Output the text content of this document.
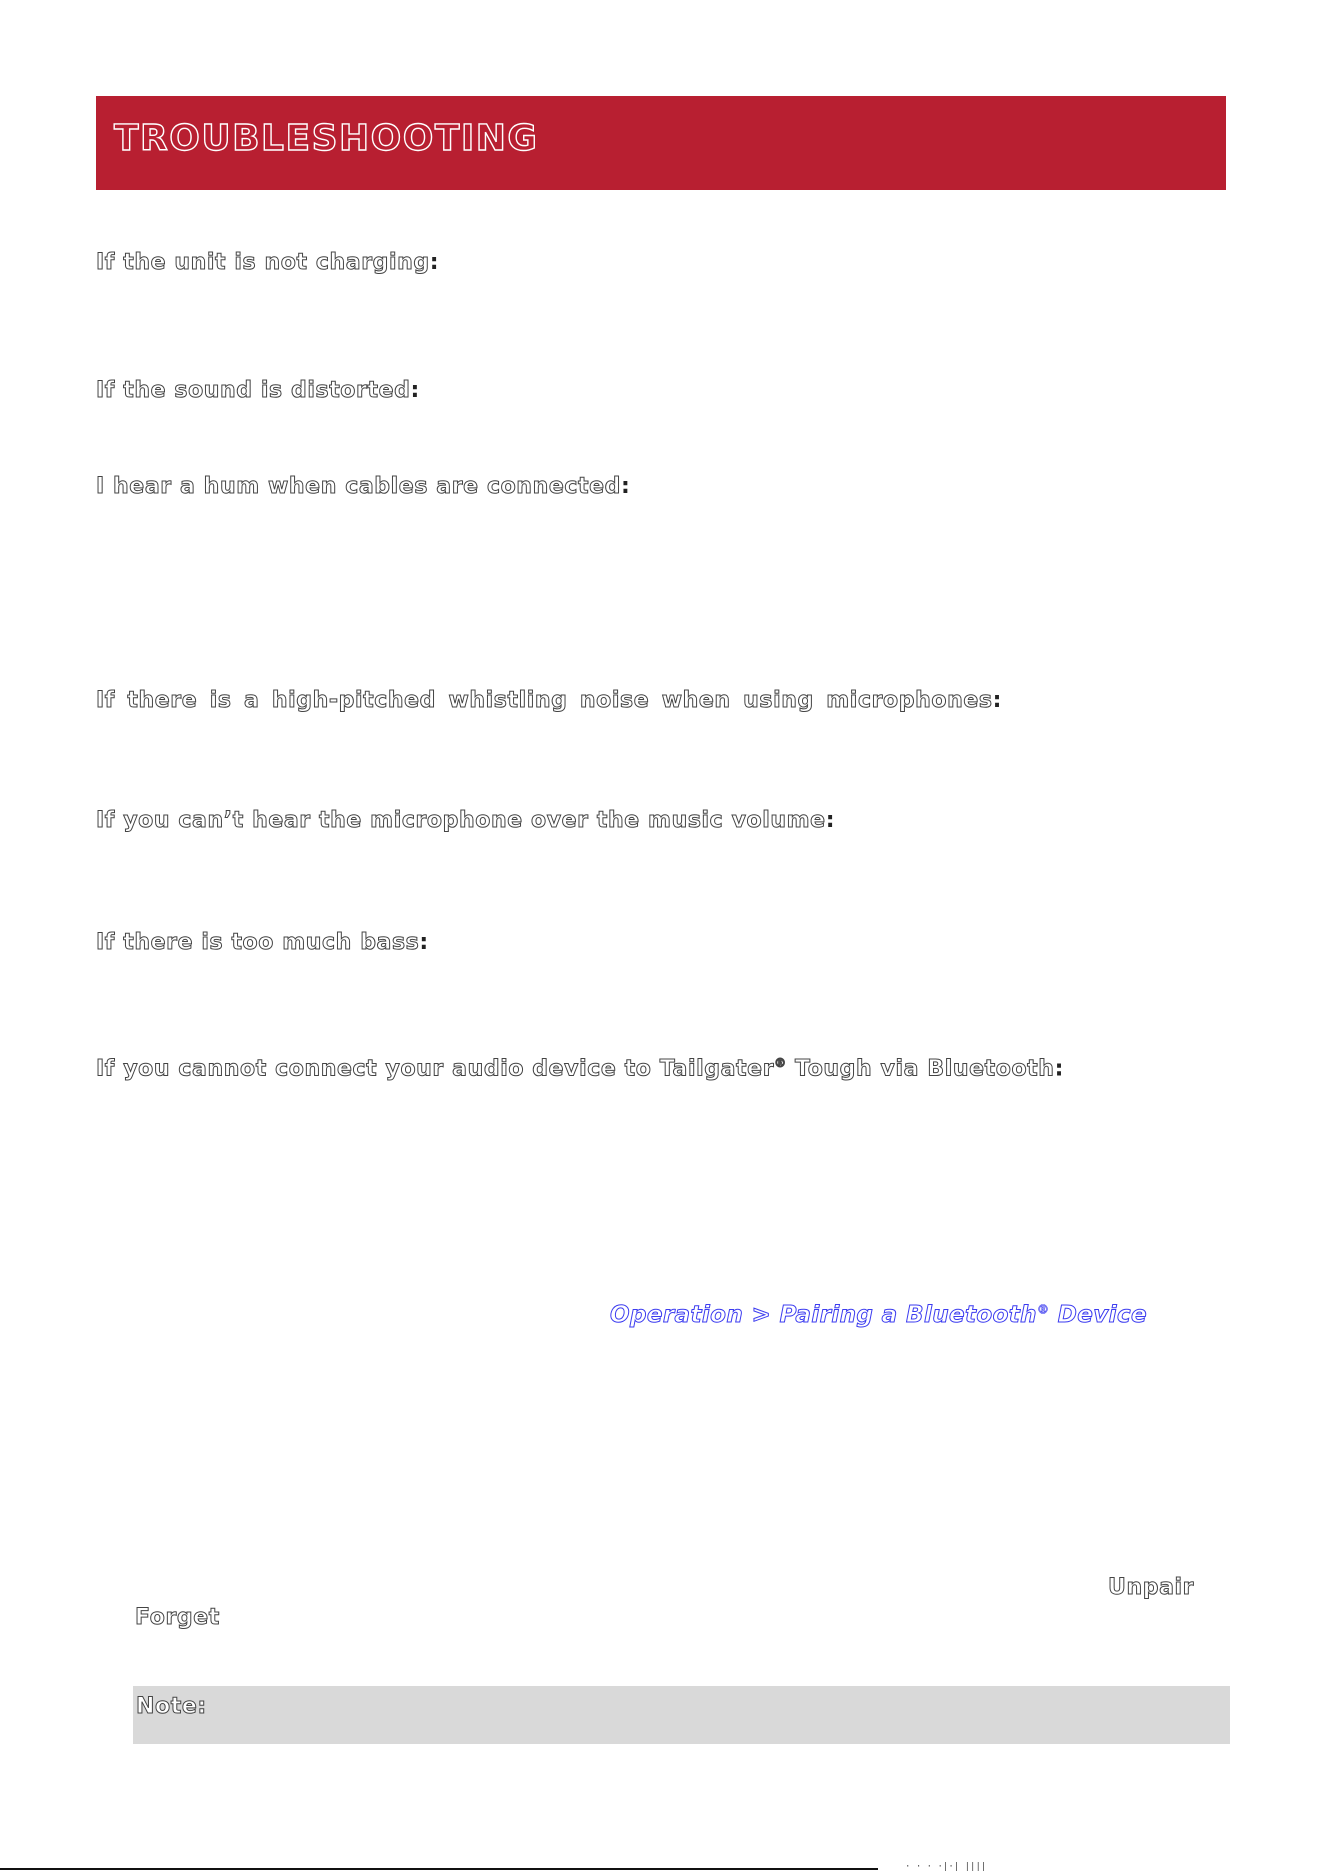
TROUBLESHOOTING
If the unit is not charging:
If the sound is distorted:
I hear a hum when cables are connected:
If there is a high-pitched whistling noise when using microphones:
If you can’t hear the microphone over the music volume:
If there is too much bass:
If you cannot connect your audio device to Tailgater® Tough via Bluetooth:
Operation > Pairing a Bluetooth® Device
Unpair
Forget
Note:
· · · ·|·| ||||
